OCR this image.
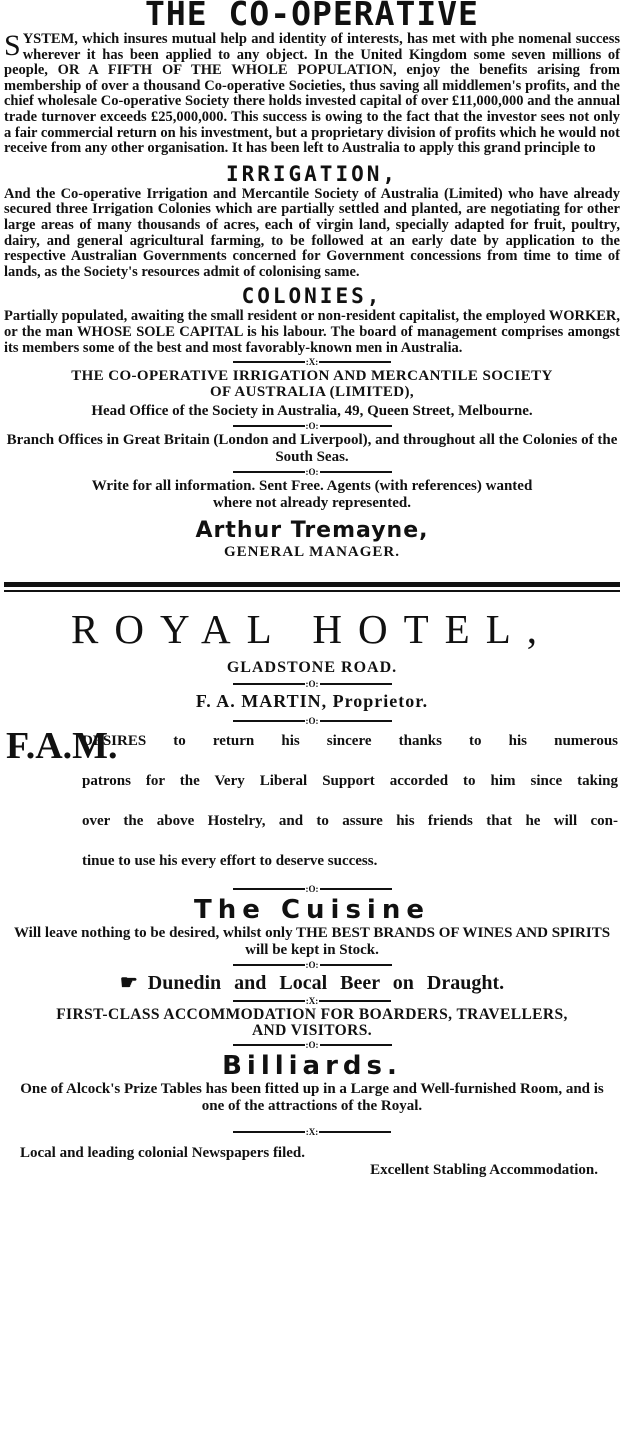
THE CO-OPERATIVE

SYSTEM, which insures mutual help and identity of interests, has met with phe nomenal success wherever it has been applied to any object. In the United Kingdom some seven millions of people, OR A FIFTH OF THE WHOLE POPULATION, enjoy the benefits arising from membership of over a thousand Co-operative Societies, thus saving all middlemen's profits, and the chief wholesale Co-operative Society there holds invested capital of over £11,000,000 and the annual trade turnover exceeds £25,000,000. This success is owing to the fact that the investor sees not only a fair commercial return on his investment, but a proprietary division of profits which he would not receive from any other organisation. It has been left to Australia to apply this grand principle to

IRRIGATION,

And the Co-operative Irrigation and Mercantile Society of Australia (Limited) who have already secured three Irrigation Colonies which are partially settled and planted, are negotiating for other large areas of many thousands of acres, each of virgin land, specially adapted for fruit, poultry, dairy, and general agricultural farming, to be followed at an early date by application to the respective Australian Governments concerned for Government concessions from time to time of lands, as the Society's resources admit of colonising same.

COLONIES,

Partially populated, awaiting the small resident or non-resident capitalist, the employed WORKER, or the man WHOSE SOLE CAPITAL is his labour. The board of management comprises amongst its members some of the best and most favorably-known men in Australia.

:X:
THE CO-OPERATIVE IRRIGATION AND MERCANTILE SOCIETY
OF AUSTRALIA (LIMITED),
Head Office of the Society in Australia, 49, Queen Street, Melbourne.
:O:
Branch Offices in Great Britain (London and Liverpool), and throughout all the Colonies of the South Seas.
:O:
Write for all information. Sent Free. Agents (with references) wanted
where not already represented.
Arthur Tremayne,
GENERAL MANAGER.
ROYAL HOTEL,
GLADSTONE ROAD.
:O:
F. A. MARTIN, Proprietor.
:O:
F.A.M.
DESIRES to return his sincere thanks to his numerous
patrons for the Very Liberal Support accorded to him since taking
over the above Hostelry, and to assure his friends that he will con-
tinue to use his every effort to deserve success.
:O:
The Cuisine
Will leave nothing to be desired, whilst only THE BEST BRANDS OF WINES AND SPIRITS will be kept in Stock.
:O:
☛ Dunedin and Local Beer on Draught.
:X:
FIRST-CLASS ACCOMMODATION FOR BOARDERS, TRAVELLERS,
AND VISITORS.
:O:
Billiards.
One of Alcock's Prize Tables has been fitted up in a Large and Well-furnished Room, and is one of the attractions of the Royal.
:X:
Local and leading colonial Newspapers filed.
Excellent Stabling Accommodation.
